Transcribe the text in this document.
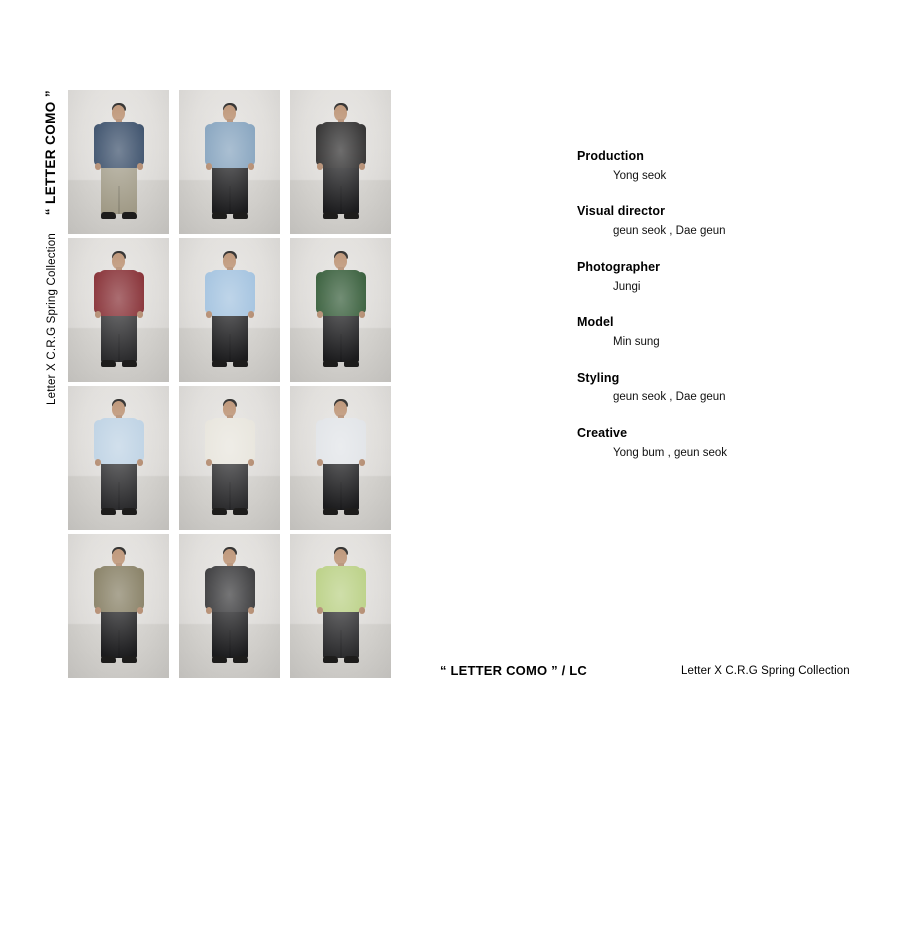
“ LETTER COMO ”
Letter X C.R.G Spring Collection
Production
Yong seok
Visual director
geun seok , Dae geun
Photographer
Jungi
Model
Min sung
Styling
geun seok , Dae geun
Creative
Yong bum , geun seok
“ LETTER COMO ” / LC	Letter X C.R.G Spring Collection
